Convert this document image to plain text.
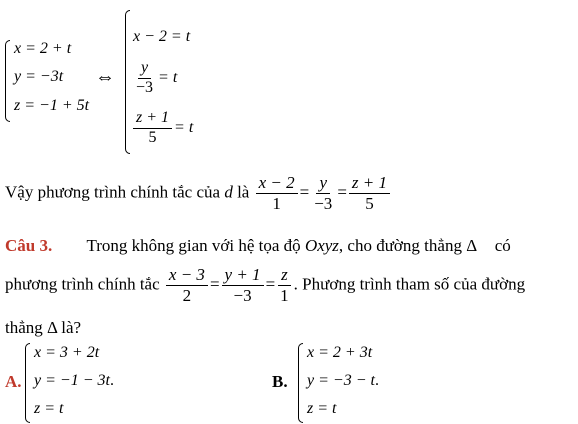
x = 2 + t
y = −3t
z = −1 + 5t
⇔
x − 2 = t
$\frac{y}{-3} = t$
$\frac{z + 1}{5} = t$
Vậy phương trình chính tắc của d là $\frac{x - 2}{1} = \frac{y}{-3} = \frac{z + 1}{5}$
Câu 3. Trong không gian với hệ tọa độ Oxyz, cho đường thẳng Δ có
phương trình chính tắc $\frac{x - 3}{2} = \frac{y + 1}{-3} = \frac{z}{1}$ . Phương trình tham số của đường
thẳng Δ là?
A.
x = 3 + 2t
y = −1 − 3t.
z = t
B.
x = 2 + 3t
y = −3 − t.
z = t
